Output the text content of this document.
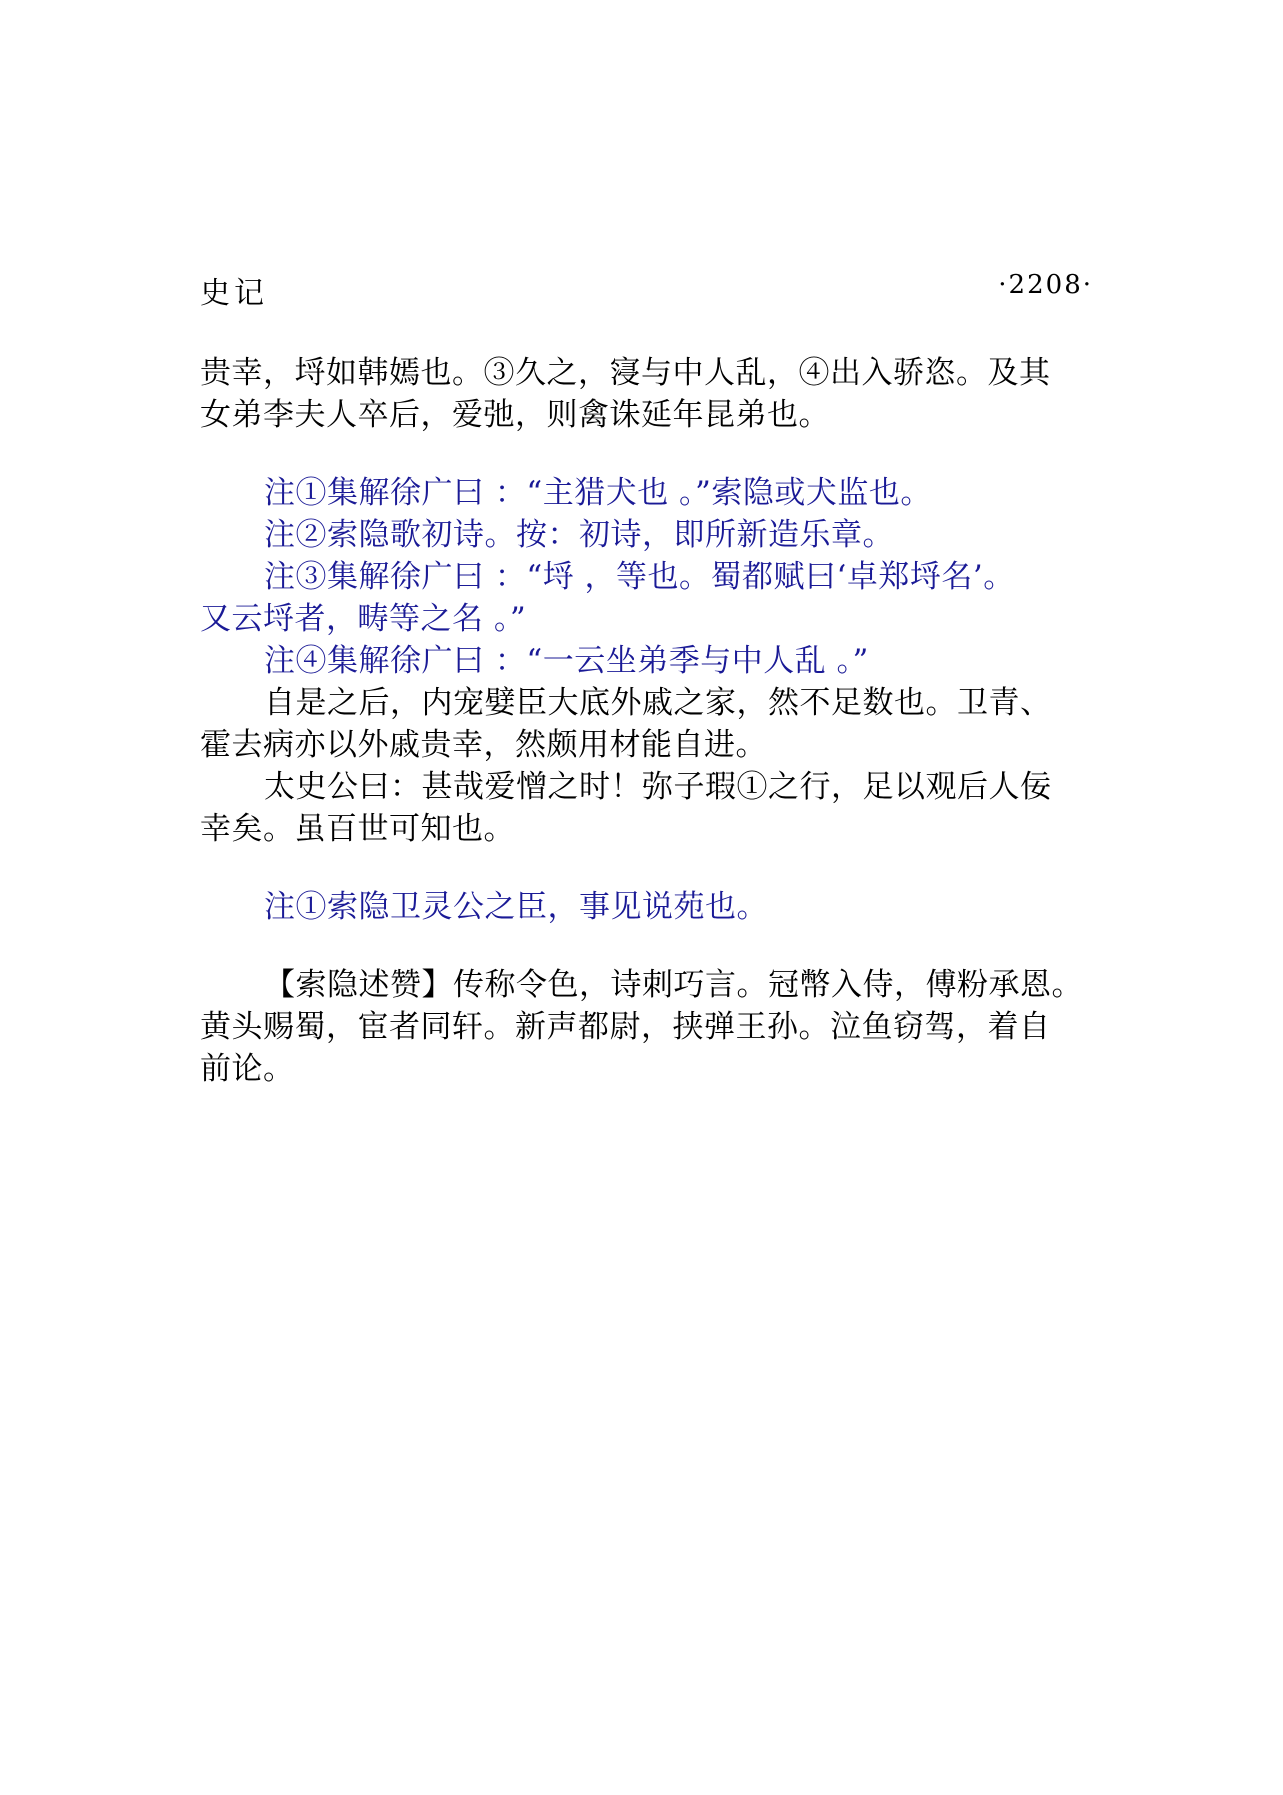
史记	·2208·
贵幸，埒如韩嫣也。③久之，寖与中人乱，④出入骄恣。及其
女弟李夫人卒后，爱弛，则禽诛延年昆弟也。
注①集解徐广曰 ：“主猎犬也 。”索隐或犬监也。
注②索隐歌初诗。按：初诗，即所新造乐章。
注③集解徐广曰 ：“埒 ，等也。蜀都赋曰‘卓郑埒名’。
又云埒者，畴等之名 。”
注④集解徐广曰 ：“一云坐弟季与中人乱 。”
自是之后，内宠嬖臣大底外戚之家，然不足数也。卫青、
霍去病亦以外戚贵幸，然颇用材能自进。
太史公曰：甚哉爱憎之时！弥子瑕①之行，足以观后人佞
幸矣。虽百世可知也。
注①索隐卫灵公之臣，事见说苑也。
【索隐述赞】传称令色，诗刺巧言。冠幣入侍，傅粉承恩。
黄头赐蜀，宦者同轩。新声都尉，挟弹王孙。泣鱼窃驾，着自
前论。
